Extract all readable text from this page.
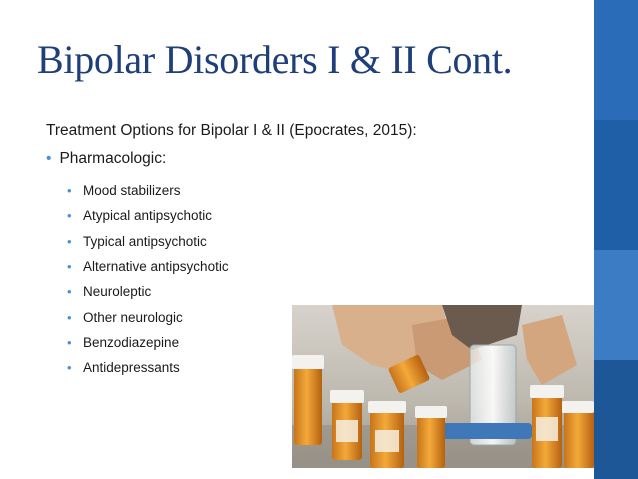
Bipolar Disorders I & II Cont.
Treatment Options for Bipolar I & II (Epocrates, 2015):
• Pharmacologic:
• Mood stabilizers
• Atypical antipsychotic
• Typical antipsychotic
• Alternative antipsychotic
• Neuroleptic
• Other neurologic
• Benzodiazepine
• Antidepressants
